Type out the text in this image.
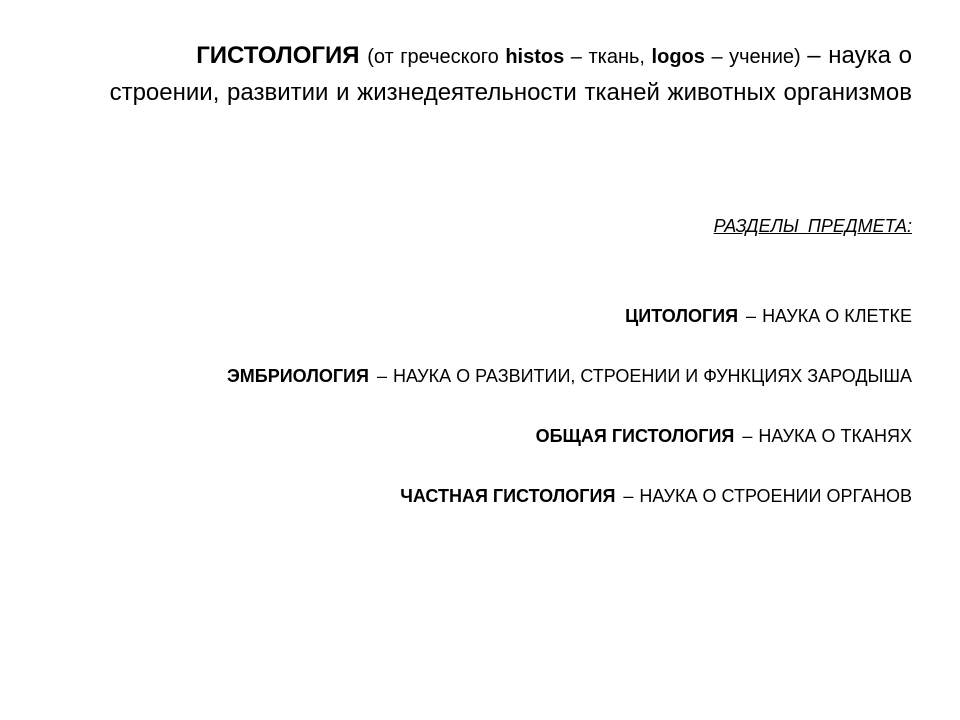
ГИСТОЛОГИЯ (от греческого histos – ткань, logos – учение) – наука о строении, развитии и жизнедеятельности тканей животных организмов

РАЗДЕЛЫ ПРЕДМЕТА:
ЦИТОЛОГИЯ – НАУКА О КЛЕТКЕ
ЭМБРИОЛОГИЯ – НАУКА О РАЗВИТИИ, СТРОЕНИИ И ФУНКЦИЯХ ЗАРОДЫША
ОБЩАЯ ГИСТОЛОГИЯ – НАУКА О ТКАНЯХ
ЧАСТНАЯ ГИСТОЛОГИЯ – НАУКА О СТРОЕНИИ ОРГАНОВ
